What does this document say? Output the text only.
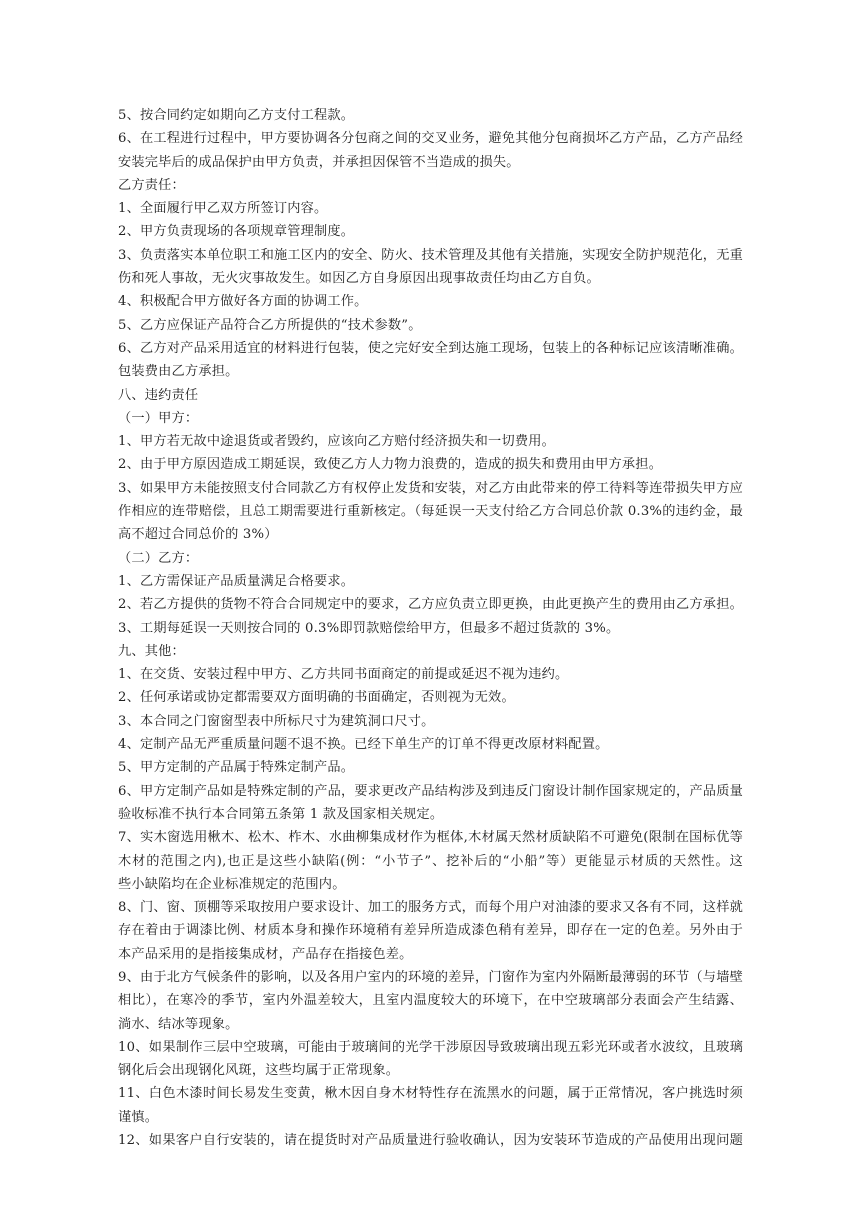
5、按合同约定如期向乙方支付工程款。
6、在工程进行过程中，甲方要协调各分包商之间的交叉业务，避免其他分包商损坏乙方产品，乙方产品经
安装完毕后的成品保护由甲方负责，并承担因保管不当造成的损失。
乙方责任：
1、全面履行甲乙双方所签订内容。
2、甲方负责现场的各项规章管理制度。
3、负责落实本单位职工和施工区内的安全、防火、技术管理及其他有关措施，实现安全防护规范化，无重
伤和死人事故，无火灾事故发生。如因乙方自身原因出现事故责任均由乙方自负。
4、积极配合甲方做好各方面的协调工作。
5、乙方应保证产品符合乙方所提供的“技术参数”。
6、乙方对产品采用适宜的材料进行包装，使之完好安全到达施工现场，包装上的各种标记应该清晰准确。
包装费由乙方承担。
八、违约责任
（一）甲方：
1、甲方若无故中途退货或者毁约，应该向乙方赔付经济损失和一切费用。
2、由于甲方原因造成工期延误，致使乙方人力物力浪费的，造成的损失和费用由甲方承担。
3、如果甲方未能按照支付合同款乙方有权停止发货和安装，对乙方由此带来的停工待料等连带损失甲方应
作相应的连带赔偿，且总工期需要进行重新核定。（每延误一天支付给乙方合同总价款 0.3%的违约金，最
高不超过合同总价的 3%）
（二）乙方：
1、乙方需保证产品质量满足合格要求。
2、若乙方提供的货物不符合合同规定中的要求，乙方应负责立即更换，由此更换产生的费用由乙方承担。
3、工期每延误一天则按合同的 0.3%即罚款赔偿给甲方，但最多不超过货款的 3%。
九、其他：
1、在交货、安装过程中甲方、乙方共同书面商定的前提或延迟不视为违约。
2、任何承诺或协定都需要双方面明确的书面确定，否则视为无效。
3、本合同之门窗窗型表中所标尺寸为建筑洞口尺寸。
4、定制产品无严重质量问题不退不换。已经下单生产的订单不得更改原材料配置。
5、甲方定制的产品属于特殊定制产品。
6、甲方定制产品如是特殊定制的产品，要求更改产品结构涉及到违反门窗设计制作国家规定的，产品质量
验收标准不执行本合同第五条第 1 款及国家相关规定。
7、实木窗选用楸木、松木、柞木、水曲柳集成材作为框体,木材属天然材质缺陷不可避免(限制在国标优等
木材的范围之内),也正是这些小缺陷(例：“小节子”、挖补后的“小船”等）更能显示材质的天然性。这
些小缺陷均在企业标准规定的范围内。
8、门、窗、顶棚等采取按用户要求设计、加工的服务方式，而每个用户对油漆的要求又各有不同，这样就
存在着由于调漆比例、材质本身和操作环境稍有差异所造成漆色稍有差异，即存在一定的色差。另外由于
本产品采用的是指接集成材，产品存在指接色差。
9、由于北方气候条件的影响，以及各用户室内的环境的差异，门窗作为室内外隔断最薄弱的环节（与墙壁
相比），在寒冷的季节，室内外温差较大，且室内温度较大的环境下，在中空玻璃部分表面会产生结露、
淌水、结冰等现象。
10、如果制作三层中空玻璃，可能由于玻璃间的光学干涉原因导致玻璃出现五彩光环或者水波纹，且玻璃
钢化后会出现钢化风斑，这些均属于正常现象。
11、白色木漆时间长易发生变黄，楸木因自身木材特性存在流黑水的问题，属于正常情况，客户挑选时须
谨慎。
12、如果客户自行安装的，请在提货时对产品质量进行验收确认，因为安装环节造成的产品使用出现问题
